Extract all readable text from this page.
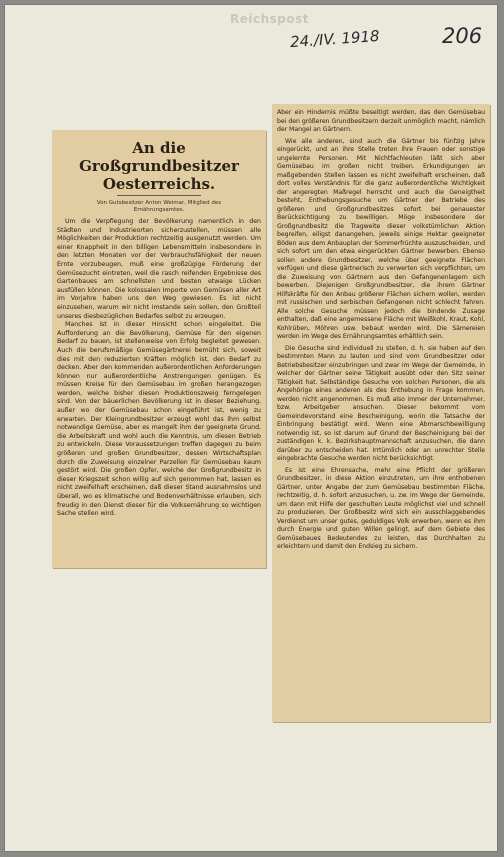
Reichspost
24./IV. 1918	206
An die Großgrundbesitzer
Oesterreichs.
Von Gutsbesitzer Anton Weimar, Mitglied des
Ernährungsamtes.

Um die Verpflegung der Bevölkerung namentlich in den Städten und Industrieorten sicherzustellen, müssen alle Möglichkeiten der Produktion rechtzeitig ausgenutzt werden. Um einer Knappheit in den billigen Lebensmitteln insbesondere in den letzten Monaten vor der Verbrauchsfähigkeit der neuen Ernte vorzubeugen, muß eine großzügige Förderung der Gemüsezucht eintreten, weil die rasch reifenden Ergebnisse des Gartenbaues am schnellsten und besten etwaige Lücken ausfüllen können. Die kolossalen Importe von Gemüsen aller Art im Vorjahre haben uns den Weg gewiesen. Es ist nicht einzusehen, warum wir nicht imstande sein sollen, den Großteil unseres diesbezüglichen Bedarfes selbst zu erzeugen.

Manches ist in dieser Hinsicht schon eingeleitet. Die Aufforderung an die Bevölkerung, Gemüse für den eigenen Bedarf zu bauen, ist stellenweise von Erfolg begleitet gewesen. Auch die berufsmäßige Gemüsegärtnerei bemüht sich, soweit dies mit den reduzierten Kräften möglich ist, den Bedarf zu decken. Aber den kommenden außerordentlichen Anforderungen können nur außerordentliche Anstrengungen genügen. Es müssen Kreise für den Gemüsebau im großen herangezogen werden, welche bisher diesen Produktionszweig ferngelegen sind. Von der bäuerlichen Bevölkerung ist in dieser Beziehung, außer wo der Gemüsebau schon eingeführt ist, wenig zu erwarten. Der Kleingrundbesitzer erzeugt wohl das ihm selbst notwendige Gemüse, aber es mangelt ihm der geeignete Grund, die Arbeitskraft und wohl auch die Kenntnis, um diesen Betrieb zu entwickeln. Diese Voraussetzungen treffen dagegen zu beim größeren und großen Grundbesitzer, dessen Wirtschaftsplan durch die Zuweisung einzelner Parzellen für Gemüsebau kaum gestört wird. Die großen Opfer, welche der Großgrundbesitz in dieser Kriegszeit schon willig auf sich genommen hat, lassen es nicht zweifelhaft erscheinen, daß dieser Stand ausnahmslos und überall, wo es klimatische und Bodenverhältnisse erlauben, sich freudig in den Dienst dieser für die Volksernährung so wichtigen Sache stellen wird.

Aber ein Hindernis müßte beseitigt werden, das den Gemüsebau bei den größeren Grundbesitzern derzeit unmöglich macht, nämlich der Mangel an Gärtnern.

Wie alle anderen, sind auch die Gärtner bis fünfzig Jahre eingerückt, und an ihre Stelle treten ihre Frauen oder sonstige ungelernte Personen. Mit Nichtfachleuten läßt sich aber Gemüsebau im großen nicht treiben. Erkundigungen an maßgebenden Stellen lassen es nicht zweifelhaft erscheinen, daß dort volles Verständnis für die ganz außerordentliche Wichtigkeit der angeregten Maßregel herrscht und auch die Geneigtheit besteht, Enthebungsgesuche um Gärtner der Betriebe des größeren und Großgrundbesitzes sofort bei genauester Berücksichtigung zu bewilligen. Möge insbesondere der Großgrundbesitz die Tragweite dieser volkstümlichen Aktion begreifen, eiligst danangehen, jeweils einige Hektar geeigneter Böden aus dem Anbauplan der Sommerfrüchte auszuscheiden, und sich sofort um den etwa eingerückten Gärtner bewerben. Ebenso sollen andere Grundbesitzer, welche über geeignete Flächen verfügen und diese gärtnerisch zu verwerten sich verpflichten, um die Zuweisung von Gärtnern aus den Gefangenenlagern sich bewerben. Diejenigen Großgrundbesitzer, die ihrem Gärtner Hilfskräfte für den Anbau größerer Flächen sichern wollen, werden mit russischen und serbischen Gefangenen nicht schlecht fahren. Alle solche Gesuche müssen jedoch die bindende Zusage enthalten, daß eine angemessene Fläche mit Weißkohl, Kraut, Kohl, Kohlrüben, Möhren usw. bebaut werden wird. Die Sämereien werden im Wege des Ernährungsamtes erhältlich sein.

Die Gesuche sind individuell zu stellen, d. h. sie haben auf den bestimmten Mann zu lauten und sind vom Grundbesitzer oder Betriebsbesitzer einzubringen und zwar im Wege der Gemeinde, in welcher der Gärtner seine Tätigkeit ausübt oder den Sitz seiner Tätigkeit hat. Selbständige Gesuche von solchen Personen, die als Angehörige eines anderen als des Enthebung in Frage kommen, werden nicht angenommen. Es muß also immer der Unternehmer, bzw. Arbeitgeber ansuchen. Dieser bekommt vom Gemeindevorstand eine Bescheinigung, worin die Tatsache der Einbringung bestätigt wird. Wenn eine Abmarschbewilligung notwendig ist, so ist darum auf Grund der Bescheinigung bei der zuständigen k. k. Bezirkshauptmannschaft anzusuchen, die dann darüber zu entscheiden hat. Irrtümlich oder an unrechter Stelle eingebrachte Gesuche werden nicht berücksichtigt.

Es ist eine Ehrensache, mehr eine Pflicht der größeren Grundbesitzer, in diese Aktion einzutreten, um ihre enthobenen Gärtner, unter Angabe der zum Gemüsebau bestimmten Fläche, rechtzeitig, d. h. sofort anzusuchen, u. zw. im Wege der Gemeinde, um dann mit Hilfe der geschulten Leute möglichst viel und schnell zu produzieren. Der Großbesitz wird sich ein ausschlaggebendes Verdienst um unser gutes, geduldiges Volk erwerben, wenn es ihm durch Energie und guten Willen gelingt, auf dem Gebiete des Gemüsebaues Bedeutendes zu leisten, das Durchhalten zu erleichtern und damit den Endsieg zu sichern.
